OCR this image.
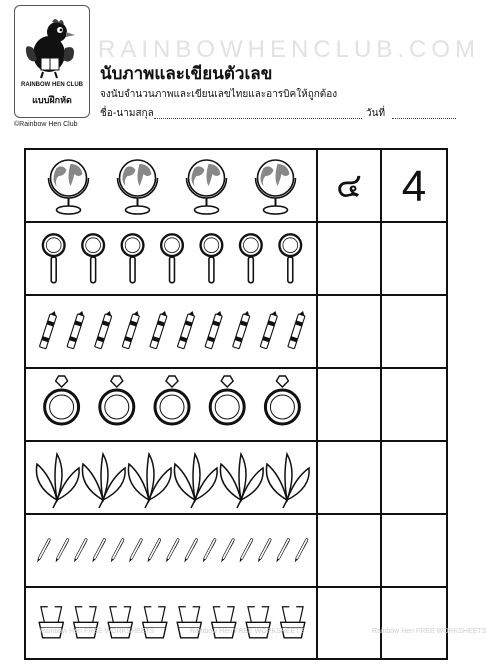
RAINBOWHENCLUB.COM
RAINBOW HEN CLUB
แบบฝึกหัด
©Rainbow Hen Club
นับภาพและเขียนตัวเลข
จงนับจำนวนภาพและเขียนเลขไทยและอารบิคให้ถูกต้อง
ชื่อ-นามสกุล	วันที่
๔ 4
Rainbow Hen FREE WORKSHEETS	Rainbow Hen FREE WORKSHEETS	Rainbow Hen FREE WORKSHEETS
